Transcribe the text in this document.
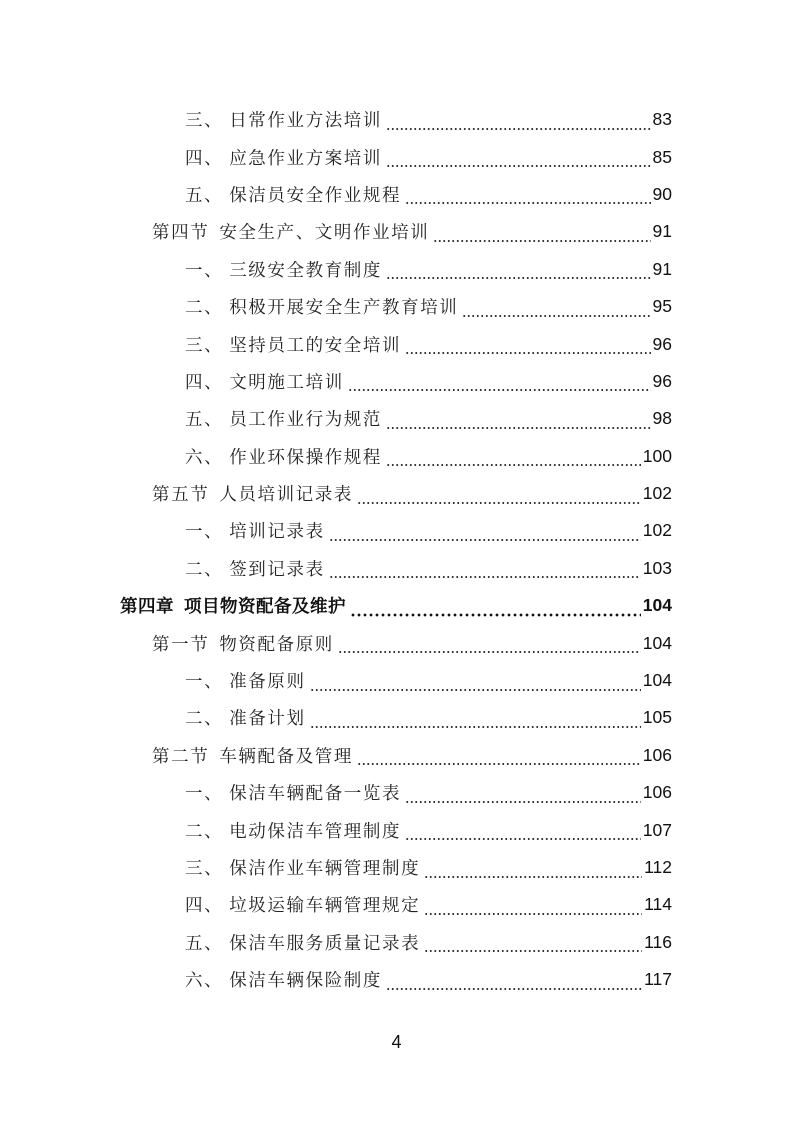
三、 日常作业方法培训	83
四、 应急作业方案培训	85
五、 保洁员安全作业规程	90
第四节 安全生产、文明作业培训	91
一、 三级安全教育制度	91
二、 积极开展安全生产教育培训	95
三、 坚持员工的安全培训	96
四、 文明施工培训	96
五、 员工作业行为规范	98
六、 作业环保操作规程	100
第五节 人员培训记录表	102
一、 培训记录表	102
二、 签到记录表	103
第四章 项目物资配备及维护	104
第一节 物资配备原则	104
一、 准备原则	104
二、 准备计划	105
第二节 车辆配备及管理	106
一、 保洁车辆配备一览表	106
二、 电动保洁车管理制度	107
三、 保洁作业车辆管理制度	112
四、 垃圾运输车辆管理规定	114
五、 保洁车服务质量记录表	116
六、 保洁车辆保险制度	117
4
